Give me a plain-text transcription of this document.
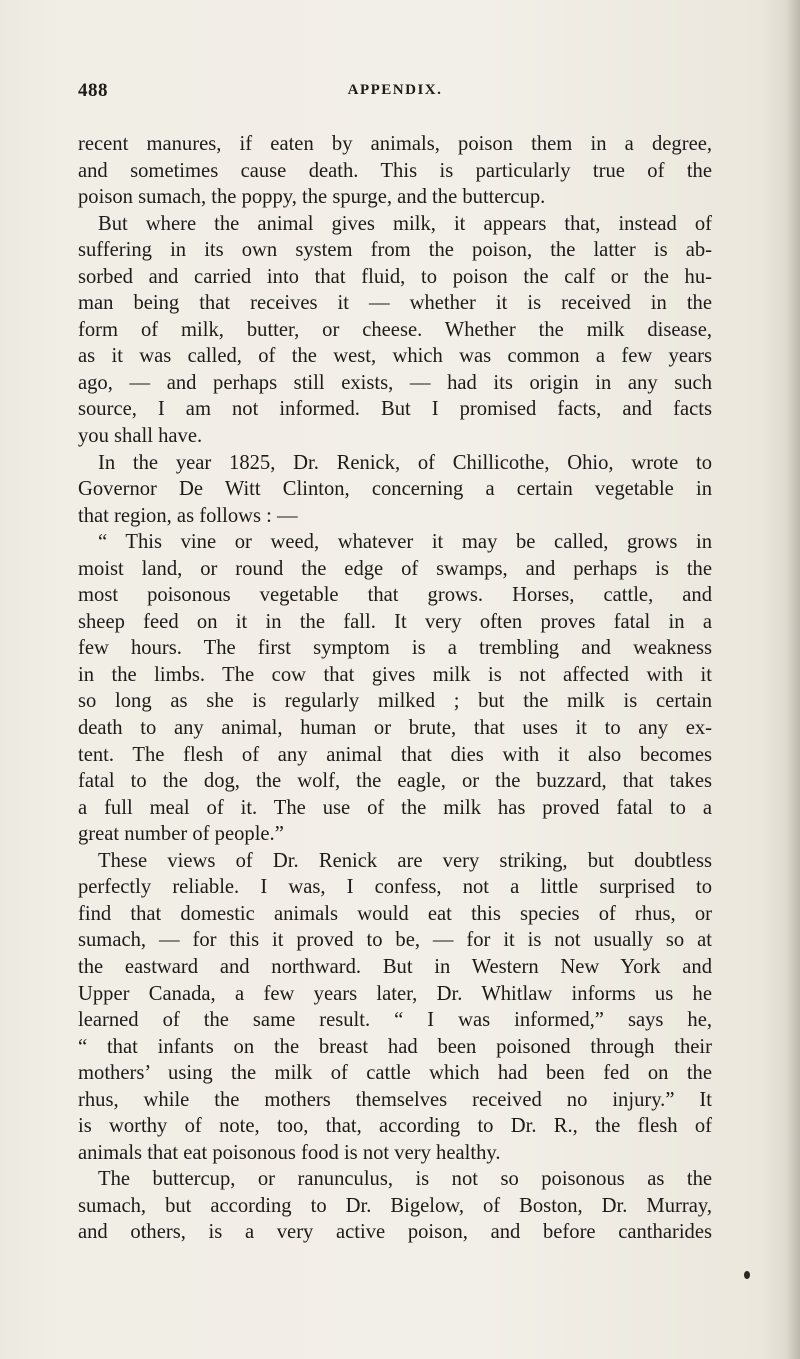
488	APPENDIX.
recent manures, if eaten by animals, poison them in a degree,
and sometimes cause death. This is particularly true of the
poison sumach, the poppy, the spurge, and the buttercup.
But where the animal gives milk, it appears that, instead of
suffering in its own system from the poison, the latter is ab-
sorbed and carried into that fluid, to poison the calf or the hu-
man being that receives it — whether it is received in the
form of milk, butter, or cheese. Whether the milk disease,
as it was called, of the west, which was common a few years
ago, — and perhaps still exists, — had its origin in any such
source, I am not informed. But I promised facts, and facts
you shall have.
In the year 1825, Dr. Renick, of Chillicothe, Ohio, wrote to
Governor De Witt Clinton, concerning a certain vegetable in
that region, as follows : —
“ This vine or weed, whatever it may be called, grows in
moist land, or round the edge of swamps, and perhaps is the
most poisonous vegetable that grows. Horses, cattle, and
sheep feed on it in the fall. It very often proves fatal in a
few hours. The first symptom is a trembling and weakness
in the limbs. The cow that gives milk is not affected with it
so long as she is regularly milked ; but the milk is certain
death to any animal, human or brute, that uses it to any ex-
tent. The flesh of any animal that dies with it also becomes
fatal to the dog, the wolf, the eagle, or the buzzard, that takes
a full meal of it. The use of the milk has proved fatal to a
great number of people.”
These views of Dr. Renick are very striking, but doubtless
perfectly reliable. I was, I confess, not a little surprised to
find that domestic animals would eat this species of rhus, or
sumach, — for this it proved to be, — for it is not usually so at
the eastward and northward. But in Western New York and
Upper Canada, a few years later, Dr. Whitlaw informs us he
learned of the same result. “ I was informed,” says he,
“ that infants on the breast had been poisoned through their
mothers’ using the milk of cattle which had been fed on the
rhus, while the mothers themselves received no injury.” It
is worthy of note, too, that, according to Dr. R., the flesh of
animals that eat poisonous food is not very healthy.
The buttercup, or ranunculus, is not so poisonous as the
sumach, but according to Dr. Bigelow, of Boston, Dr. Murray,
and others, is a very active poison, and before cantharides
